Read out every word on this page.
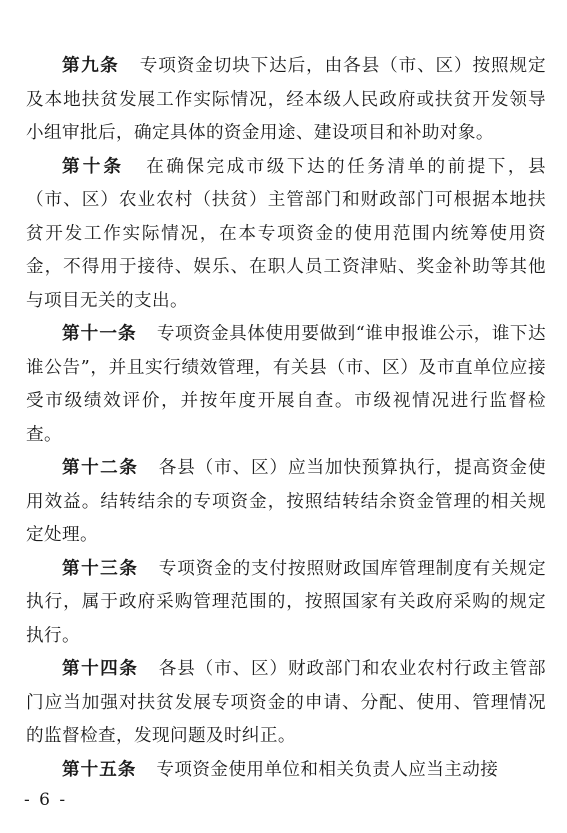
第九条 专项资金切块下达后，由各县（市、区）按照规定及本地扶贫发展工作实际情况，经本级人民政府或扶贫开发领导小组审批后，确定具体的资金用途、建设项目和补助对象。

第十条 在确保完成市级下达的任务清单的前提下，县（市、区）农业农村（扶贫）主管部门和财政部门可根据本地扶贫开发工作实际情况，在本专项资金的使用范围内统筹使用资金，不得用于接待、娱乐、在职人员工资津贴、奖金补助等其他与项目无关的支出。

第十一条 专项资金具体使用要做到“谁申报谁公示，谁下达谁公告”，并且实行绩效管理，有关县（市、区）及市直单位应接受市级绩效评价，并按年度开展自查。市级视情况进行监督检查。

第十二条 各县（市、区）应当加快预算执行，提高资金使用效益。结转结余的专项资金，按照结转结余资金管理的相关规定处理。

第十三条 专项资金的支付按照财政国库管理制度有关规定执行，属于政府采购管理范围的，按照国家有关政府采购的规定执行。

第十四条 各县（市、区）财政部门和农业农村行政主管部门应当加强对扶贫发展专项资金的申请、分配、使用、管理情况的监督检查，发现问题及时纠正。

第十五条 专项资金使用单位和相关负责人应当主动接

- 6 -
